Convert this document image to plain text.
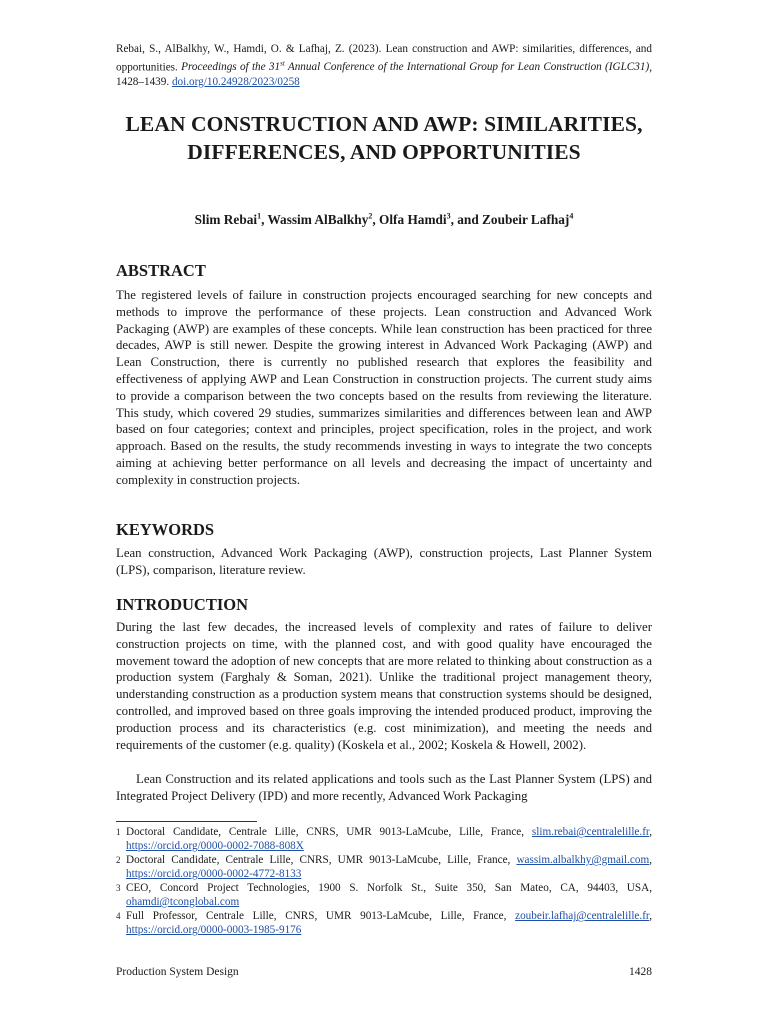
Rebai, S., AlBalkhy, W., Hamdi, O. & Lafhaj, Z. (2023). Lean construction and AWP: similarities, differences, and opportunities. Proceedings of the 31st Annual Conference of the International Group for Lean Construction (IGLC31), 1428–1439. doi.org/10.24928/2023/0258
LEAN CONSTRUCTION AND AWP: SIMILARITIES, DIFFERENCES, AND OPPORTUNITIES
Slim Rebai$^1$, Wassim AlBalkhy$^2$, Olfa Hamdi$^3$, and Zoubeir Lafhaj$^4$
ABSTRACT

The registered levels of failure in construction projects encouraged searching for new concepts and methods to improve the performance of these projects. Lean construction and Advanced Work Packaging (AWP) are examples of these concepts. While lean construction has been practiced for three decades, AWP is still newer. Despite the growing interest in Advanced Work Packaging (AWP) and Lean Construction, there is currently no published research that explores the feasibility and effectiveness of applying AWP and Lean Construction in construction projects. The current study aims to provide a comparison between the two concepts based on the results from reviewing the literature. This study, which covered 29 studies, summarizes similarities and differences between lean and AWP based on four categories; context and principles, project specification, roles in the project, and work approach. Based on the results, the study recommends investing in ways to integrate the two concepts aiming at achieving better performance on all levels and decreasing the impact of uncertainty and complexity in construction projects.

KEYWORDS

Lean construction, Advanced Work Packaging (AWP), construction projects, Last Planner System (LPS), comparison, literature review.

INTRODUCTION

During the last few decades, the increased levels of complexity and rates of failure to deliver construction projects on time, with the planned cost, and with good quality have encouraged the movement toward the adoption of new concepts that are more related to thinking about construction as a production system (Farghaly & Soman, 2021). Unlike the traditional project management theory, understanding construction as a production system means that construction systems should be designed, controlled, and improved based on three goals improving the intended produced product, improving the production process and its characteristics (e.g. cost minimization), and meeting the needs and requirements of the customer (e.g. quality) (Koskela et al., 2002; Koskela & Howell, 2002).

Lean Construction and its related applications and tools such as the Last Planner System (LPS) and Integrated Project Delivery (IPD) and more recently, Advanced Work Packaging

1 Doctoral Candidate, Centrale Lille, CNRS, UMR 9013-LaMcube, Lille, France, slim.rebai@centralelille.fr, https://orcid.org/0000-0002-7088-808X
2 Doctoral Candidate, Centrale Lille, CNRS, UMR 9013-LaMcube, Lille, France, wassim.albalkhy@gmail.com, https://orcid.org/0000-0002-4772-8133
3 CEO, Concord Project Technologies, 1900 S. Norfolk St., Suite 350, San Mateo, CA, 94403, USA, ohamdi@tconglobal.com
4 Full Professor, Centrale Lille, CNRS, UMR 9013-LaMcube, Lille, France, zoubeir.lafhaj@centralelille.fr, https://orcid.org/0000-0003-1985-9176
Production System Design	1428
